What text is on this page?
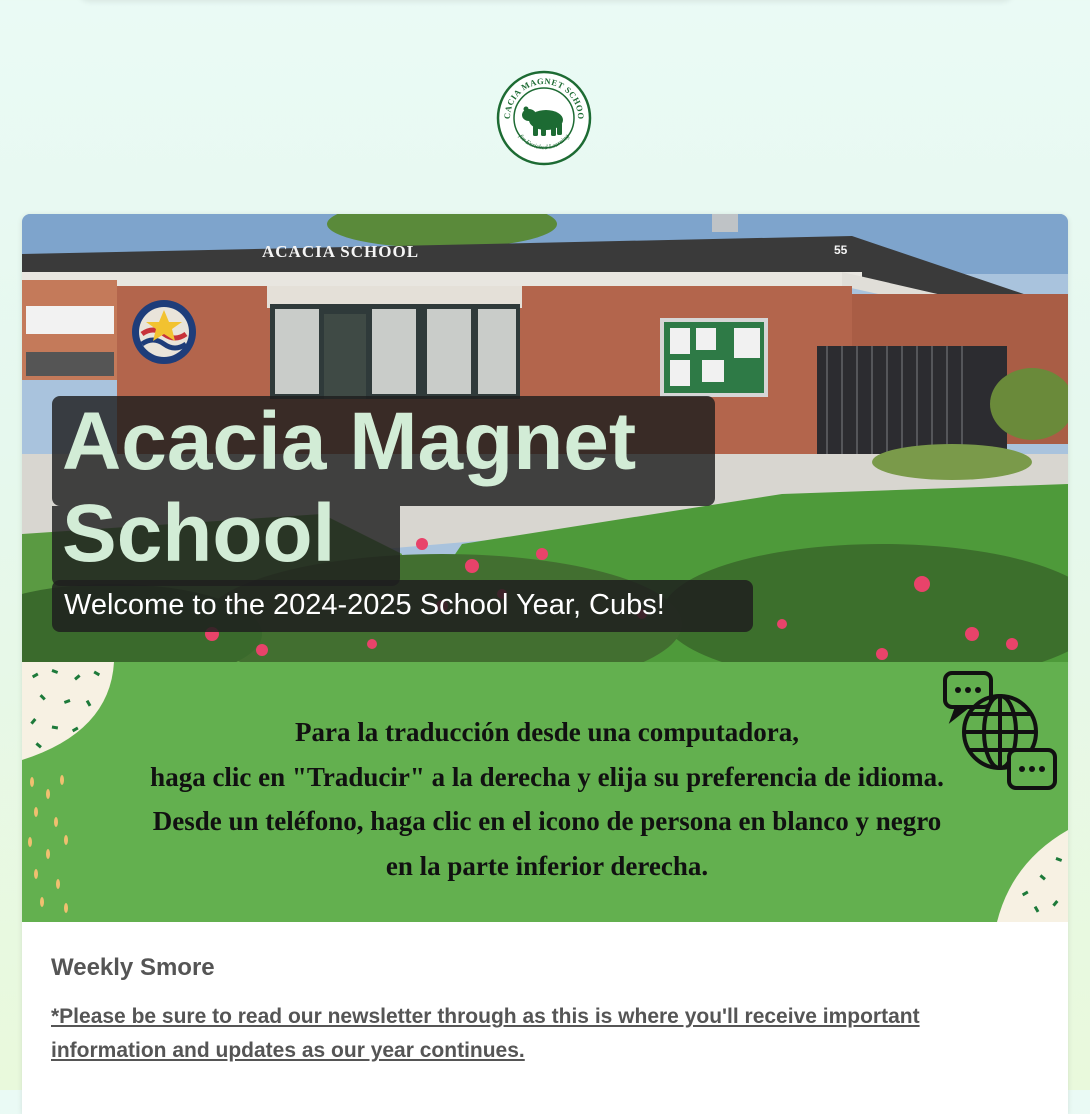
CACIA MAGNET SCHOO
for Enriched Learning
ACACIA SCHOOL	55
Acacia Magnet
School
Welcome to the 2024-2025 School Year, Cubs!
Para la traducción desde una computadora,
haga clic en "Traducir" a la derecha y elija su preferencia de idioma.
Desde un teléfono, haga clic en el icono de persona en blanco y negro
en la parte inferior derecha.
Weekly Smore
*Please be sure to read our newsletter through as this is where you'll receive important information and updates as our year continues.
